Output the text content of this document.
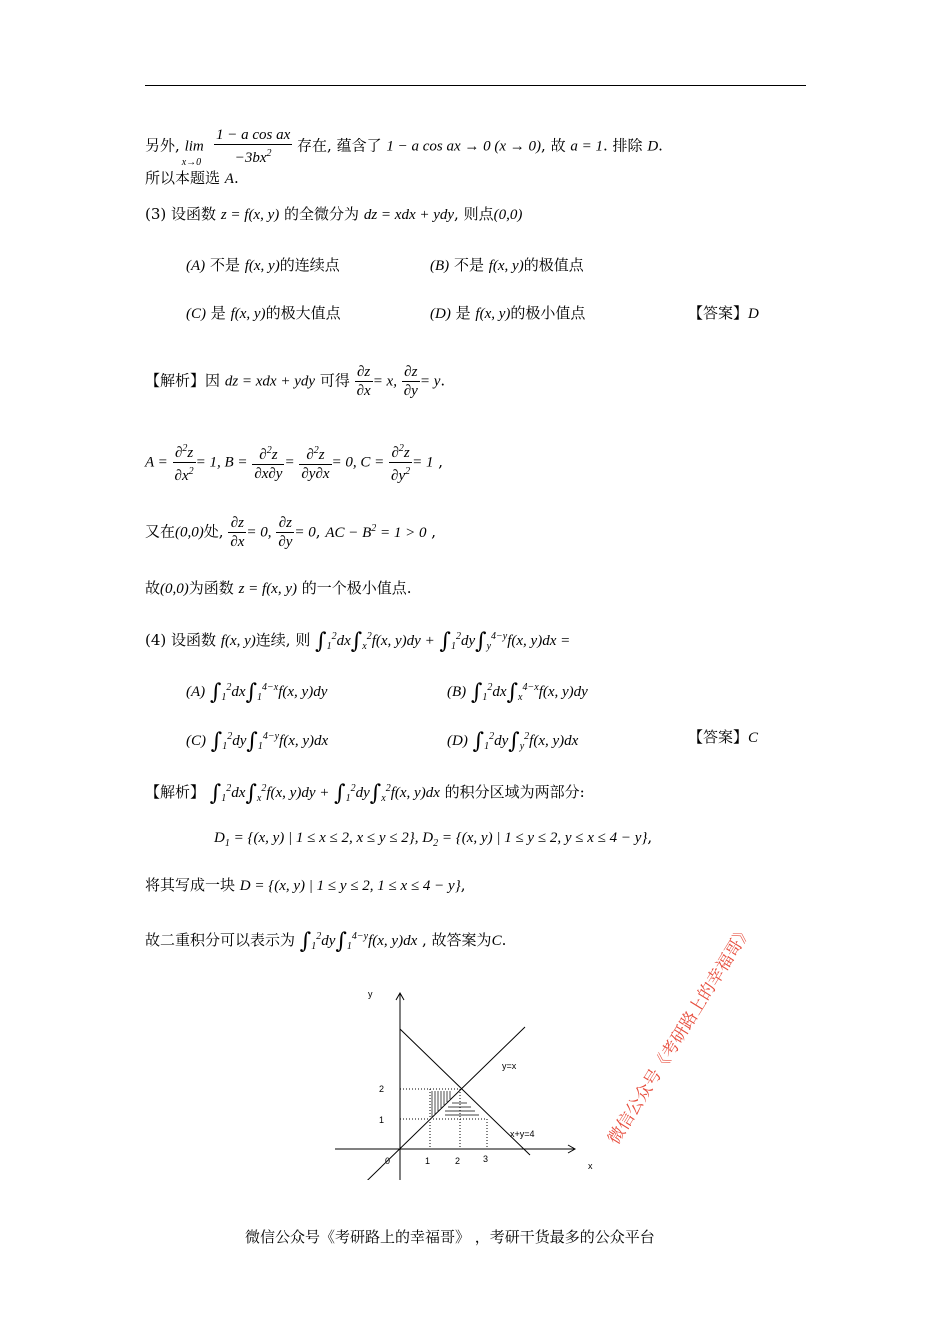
另外, $\lim_{x\to 0} \frac{\text{1 − a cos ax}}{-3bx^2}$ 存在, 蕴含了 1 − a cos ax → 0 (x → 0), 故 a = 1. 排除 D.
所以本题选 A.
(3) 设函数 z = f(x, y) 的全微分为 dz = xdx + ydy, 则点(0,0)
(A) 不是 f(x, y)的连续点	(B) 不是 f(x, y)的极值点
(C) 是 f(x, y)的极大值点	(D) 是 f(x, y)的极小值点	【答案】D
【解析】因 dz = xdx + ydy 可得 $\frac{\partial z}{\partial x} = x$, $\frac{\partial z}{\partial y} = y$.
$A = \frac{\partial^2z}{\partial x^2} = 1$, $B = \frac{\partial^2z}{\partial x\partial y} = \frac{\partial^2z}{\partial y\partial x} = 0$, $C = \frac{\partial^2z}{\partial y^2} = 1$ ,
又在(0,0)处, $\frac{\partial z}{\partial x} = 0$, $\frac{\partial z}{\partial y} = 0$, AC − $B^2 = 1 > 0$ ,
故(0,0)为函数 z = f(x, y) 的一个极小值点.
(4) 设函数 f(x, y)连续, 则 $\int_1^2dx\int_x^2f(x$, $y)dy + \int_1^2dy\int_y^{4-y}f(x$, y)dx =
(A) $\int_1^2dx\int_1^{4-x}f(x$, y)dy	(B) $\int_1^2dx\int_x^{4-x}f(x$, y)dy
(C) $\int_1^2dy\int_1^{4-y}f(x$, y)dx	(D) $\int_1^2dy\int_y^2f(x$, y)dx	【答案】C
【解析】 $\int_1^2dx\int_x^2f(x$, $y)dy + \int_1^2dy\int_x^2f(x$, y)dx 的积分区域为两部分:
$D_1 = \{(x$, y) | 1 ≤ x ≤ 2, x ≤ y ≤ 2}, $D_2 = \{(x$, y) | 1 ≤ y ≤ 2, y ≤ x ≤ 4 − y},
将其写成一块 D = {(x, y) | 1 ≤ y ≤ 2, 1 ≤ x ≤ 4 − y},
故二重积分可以表示为 $\int_1^2dy\int_1^{4-y}f(x$, y)dx , 故答案为C.
y
x
y=x
x+y=4
0	1	2	3
1
2
微信公众号《考研路上的幸福哥》 ，考研干货最多的公众平台
微信公众号《考研路上的幸福哥》
